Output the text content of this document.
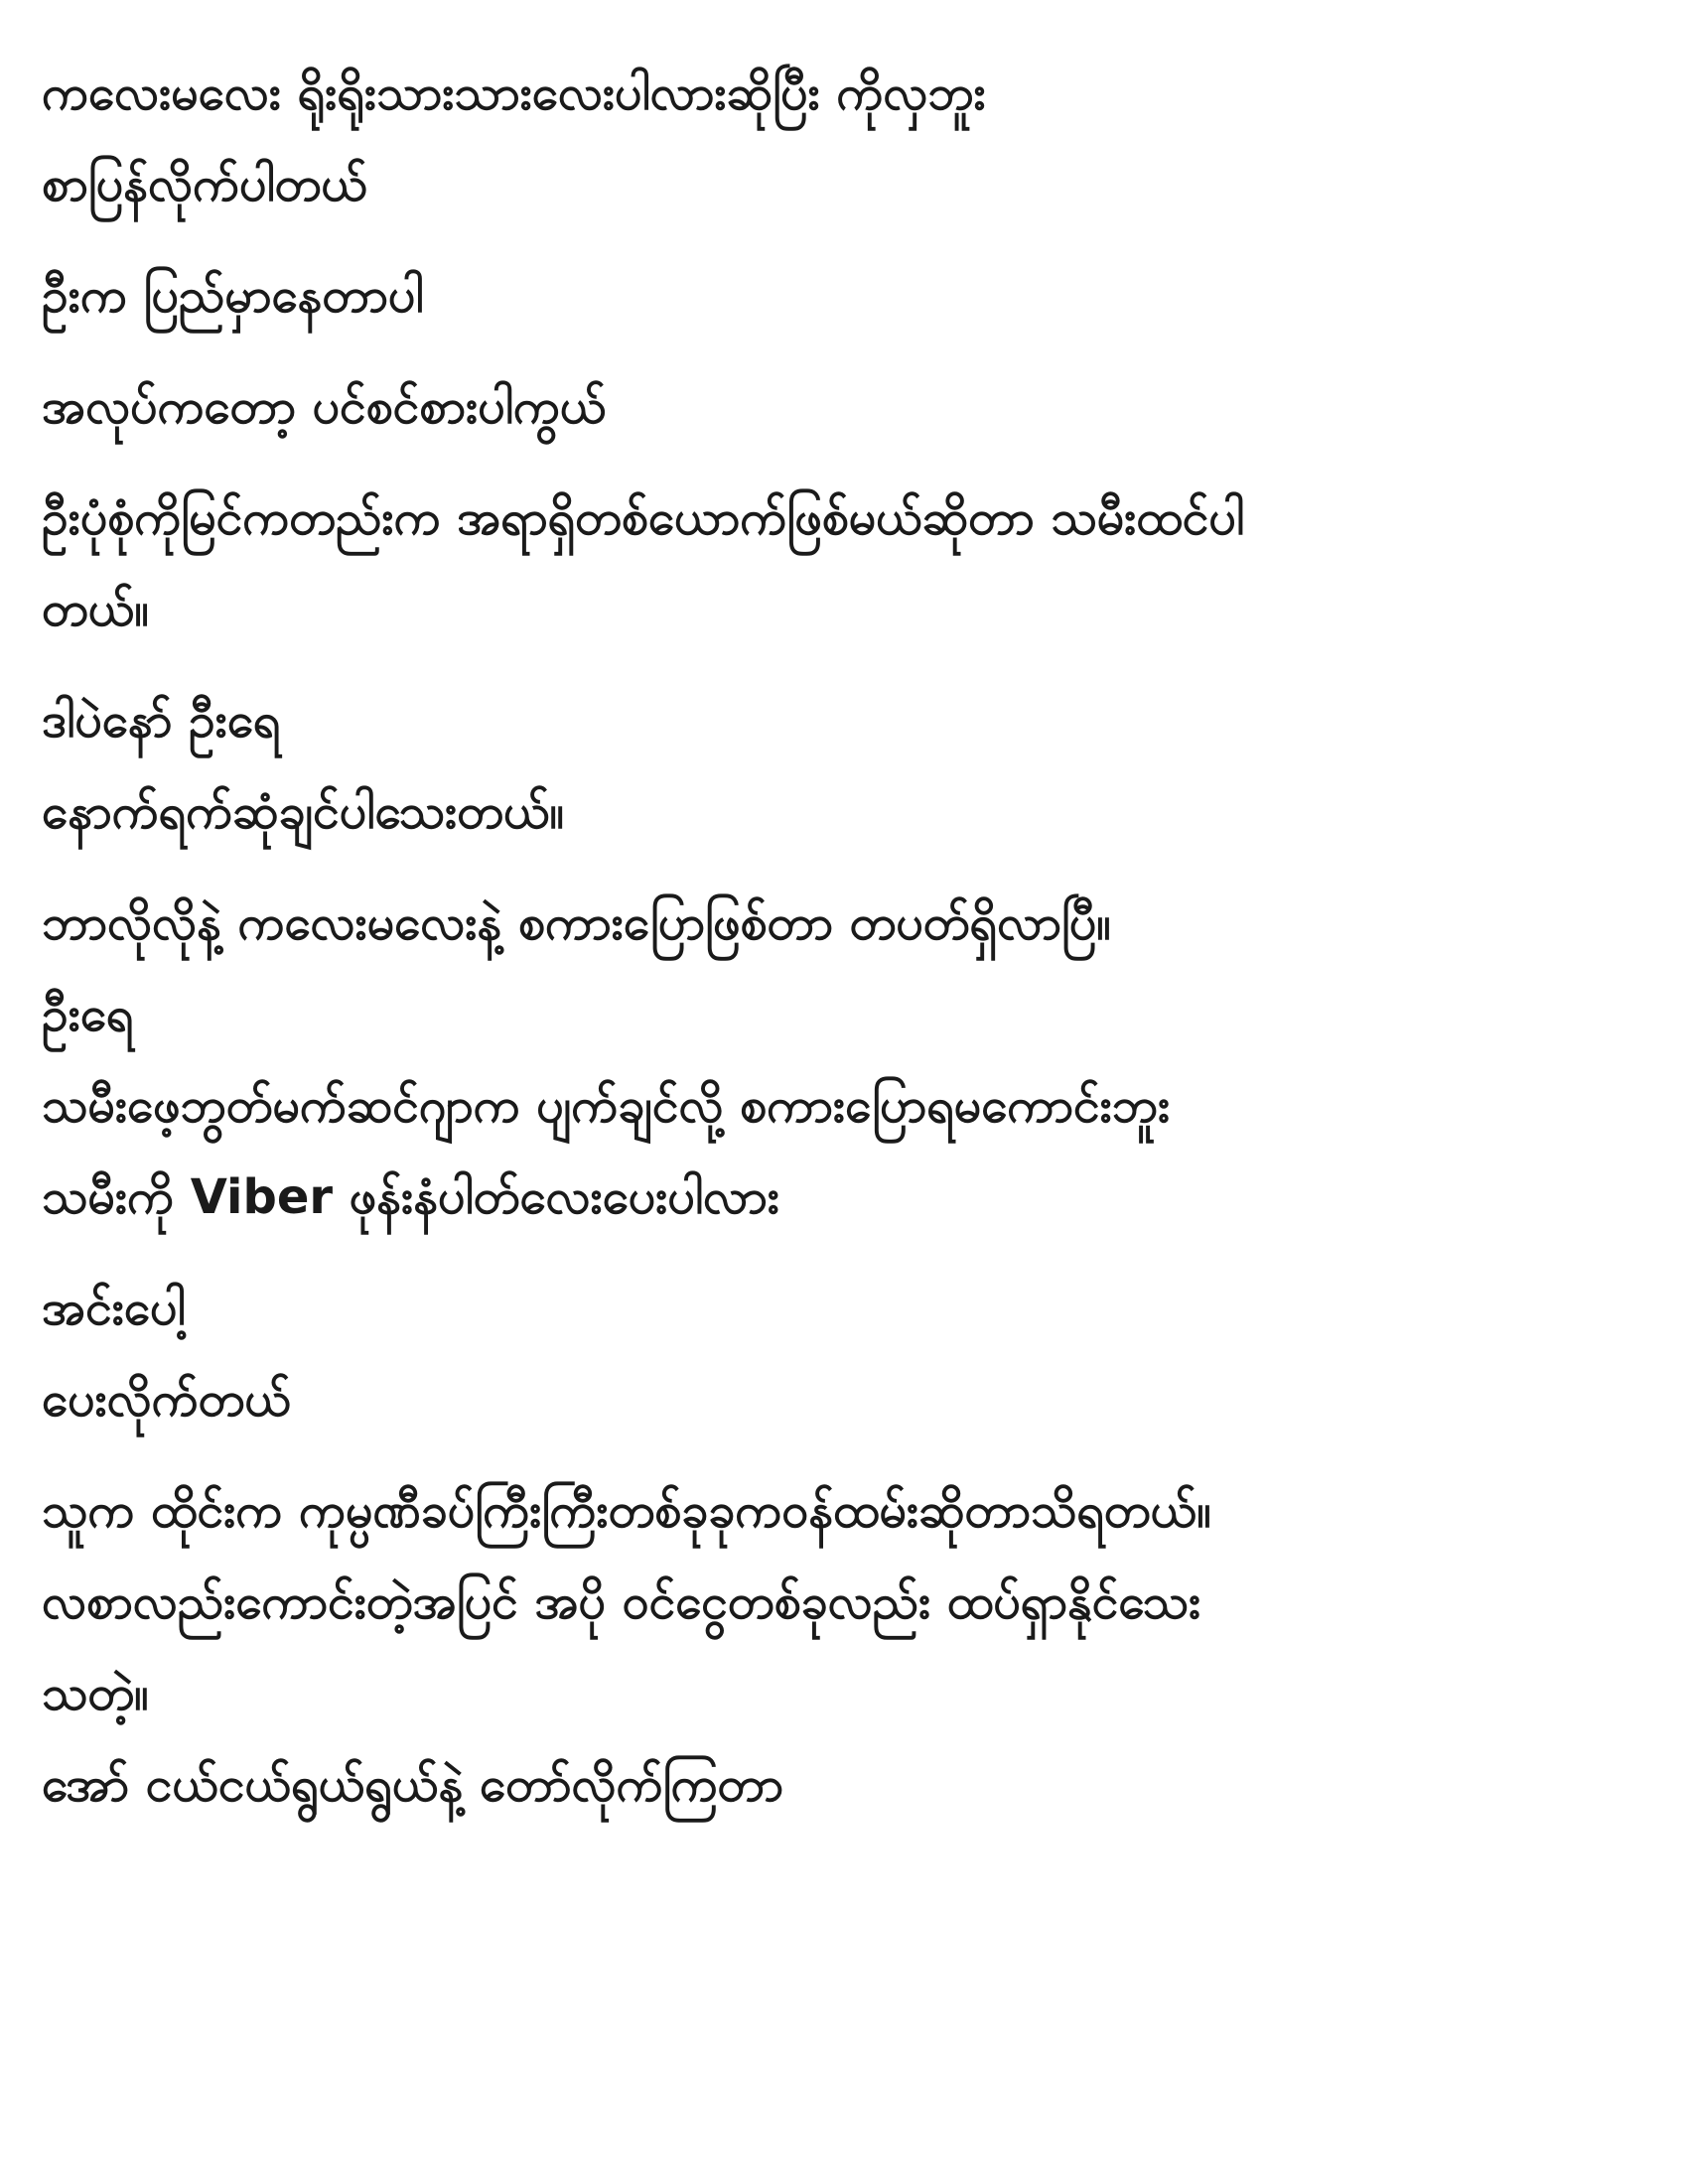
ကလေးမလေး ရိုးရိုးသားသားလေးပါလားဆိုပြီး ကိုလှဘူး
စာပြန်လိုက်ပါတယ်
ဦးက ပြည်မှာနေတာပါ
အလုပ်ကတော့ ပင်စင်စားပါကွယ်
ဦးပုံစုံကိုမြင်ကတည်းက အရာရှိတစ်ယောက်ဖြစ်မယ်ဆိုတာ သမီးထင်ပါ
တယ်။
ဒါပဲနော် ဦးရေ
နောက်ရက်ဆုံချင်ပါသေးတယ်။
ဘာလိုလိုနဲ့ ကလေးမလေးနဲ့ စကားပြောဖြစ်တာ တပတ်ရှိလာပြီ။
ဦးရေ
သမီးဖေ့ဘွတ်မက်ဆင်ဂျာက ပျက်ချင်လို့ စကားပြောရမကောင်းဘူး
သမီးကို Viber ဖုန်းနံပါတ်လေးပေးပါလား
အင်းပေါ့
ပေးလိုက်တယ်
သူက ထိုင်းက ကုမ္ပဏီခပ်ကြီးကြီးတစ်ခုခုကဝန်ထမ်းဆိုတာသိရတယ်။
လစာလည်းကောင်းတဲ့အပြင် အပို ဝင်ငွေတစ်ခုလည်း ထပ်ရှာနိုင်သေး
သတဲ့။
အော် ငယ်ငယ်ရွယ်ရွယ်နဲ့ တော်လိုက်ကြတာ
